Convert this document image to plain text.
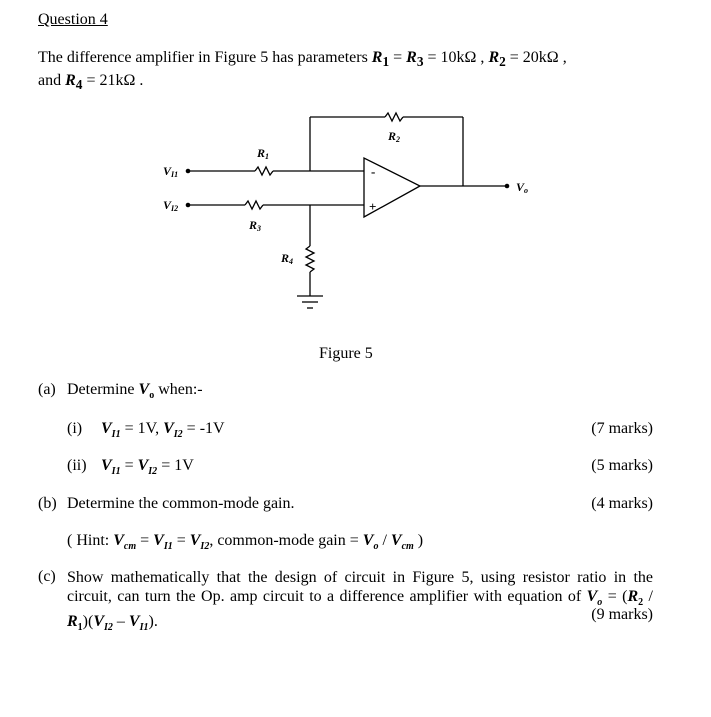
Question 4
The difference amplifier in Figure 5 has parameters $R_1 = R_3 = 10k\Omega$ , $R_2 = 20k\Omega$ ,
and $R_4 = 21k\Omega$ .
VI1
VI2
R1
R3
R2
R4
Vo
-
+
Figure 5
(a) Determine $V_o$ when:-
(i) $V_{I1} = 1V$, $V_{I2} = -1V$	(7 marks)
(ii) $V_{I1} = V_{I2} = 1V$	(5 marks)
(b) Determine the common-mode gain.	(4 marks)
( Hint: $V_{cm} = V_{I1} = V_{I2}$, common-mode gain = $V_o / V_{cm}$ )
(c) Show mathematically that the design of circuit in Figure 5, using resistor ratio in the circuit, can turn the Op. amp circuit to a difference amplifier with equation of $V_o = (R_2 / R_1)(V_{I2} - V_{I1})$.	(9 marks)
